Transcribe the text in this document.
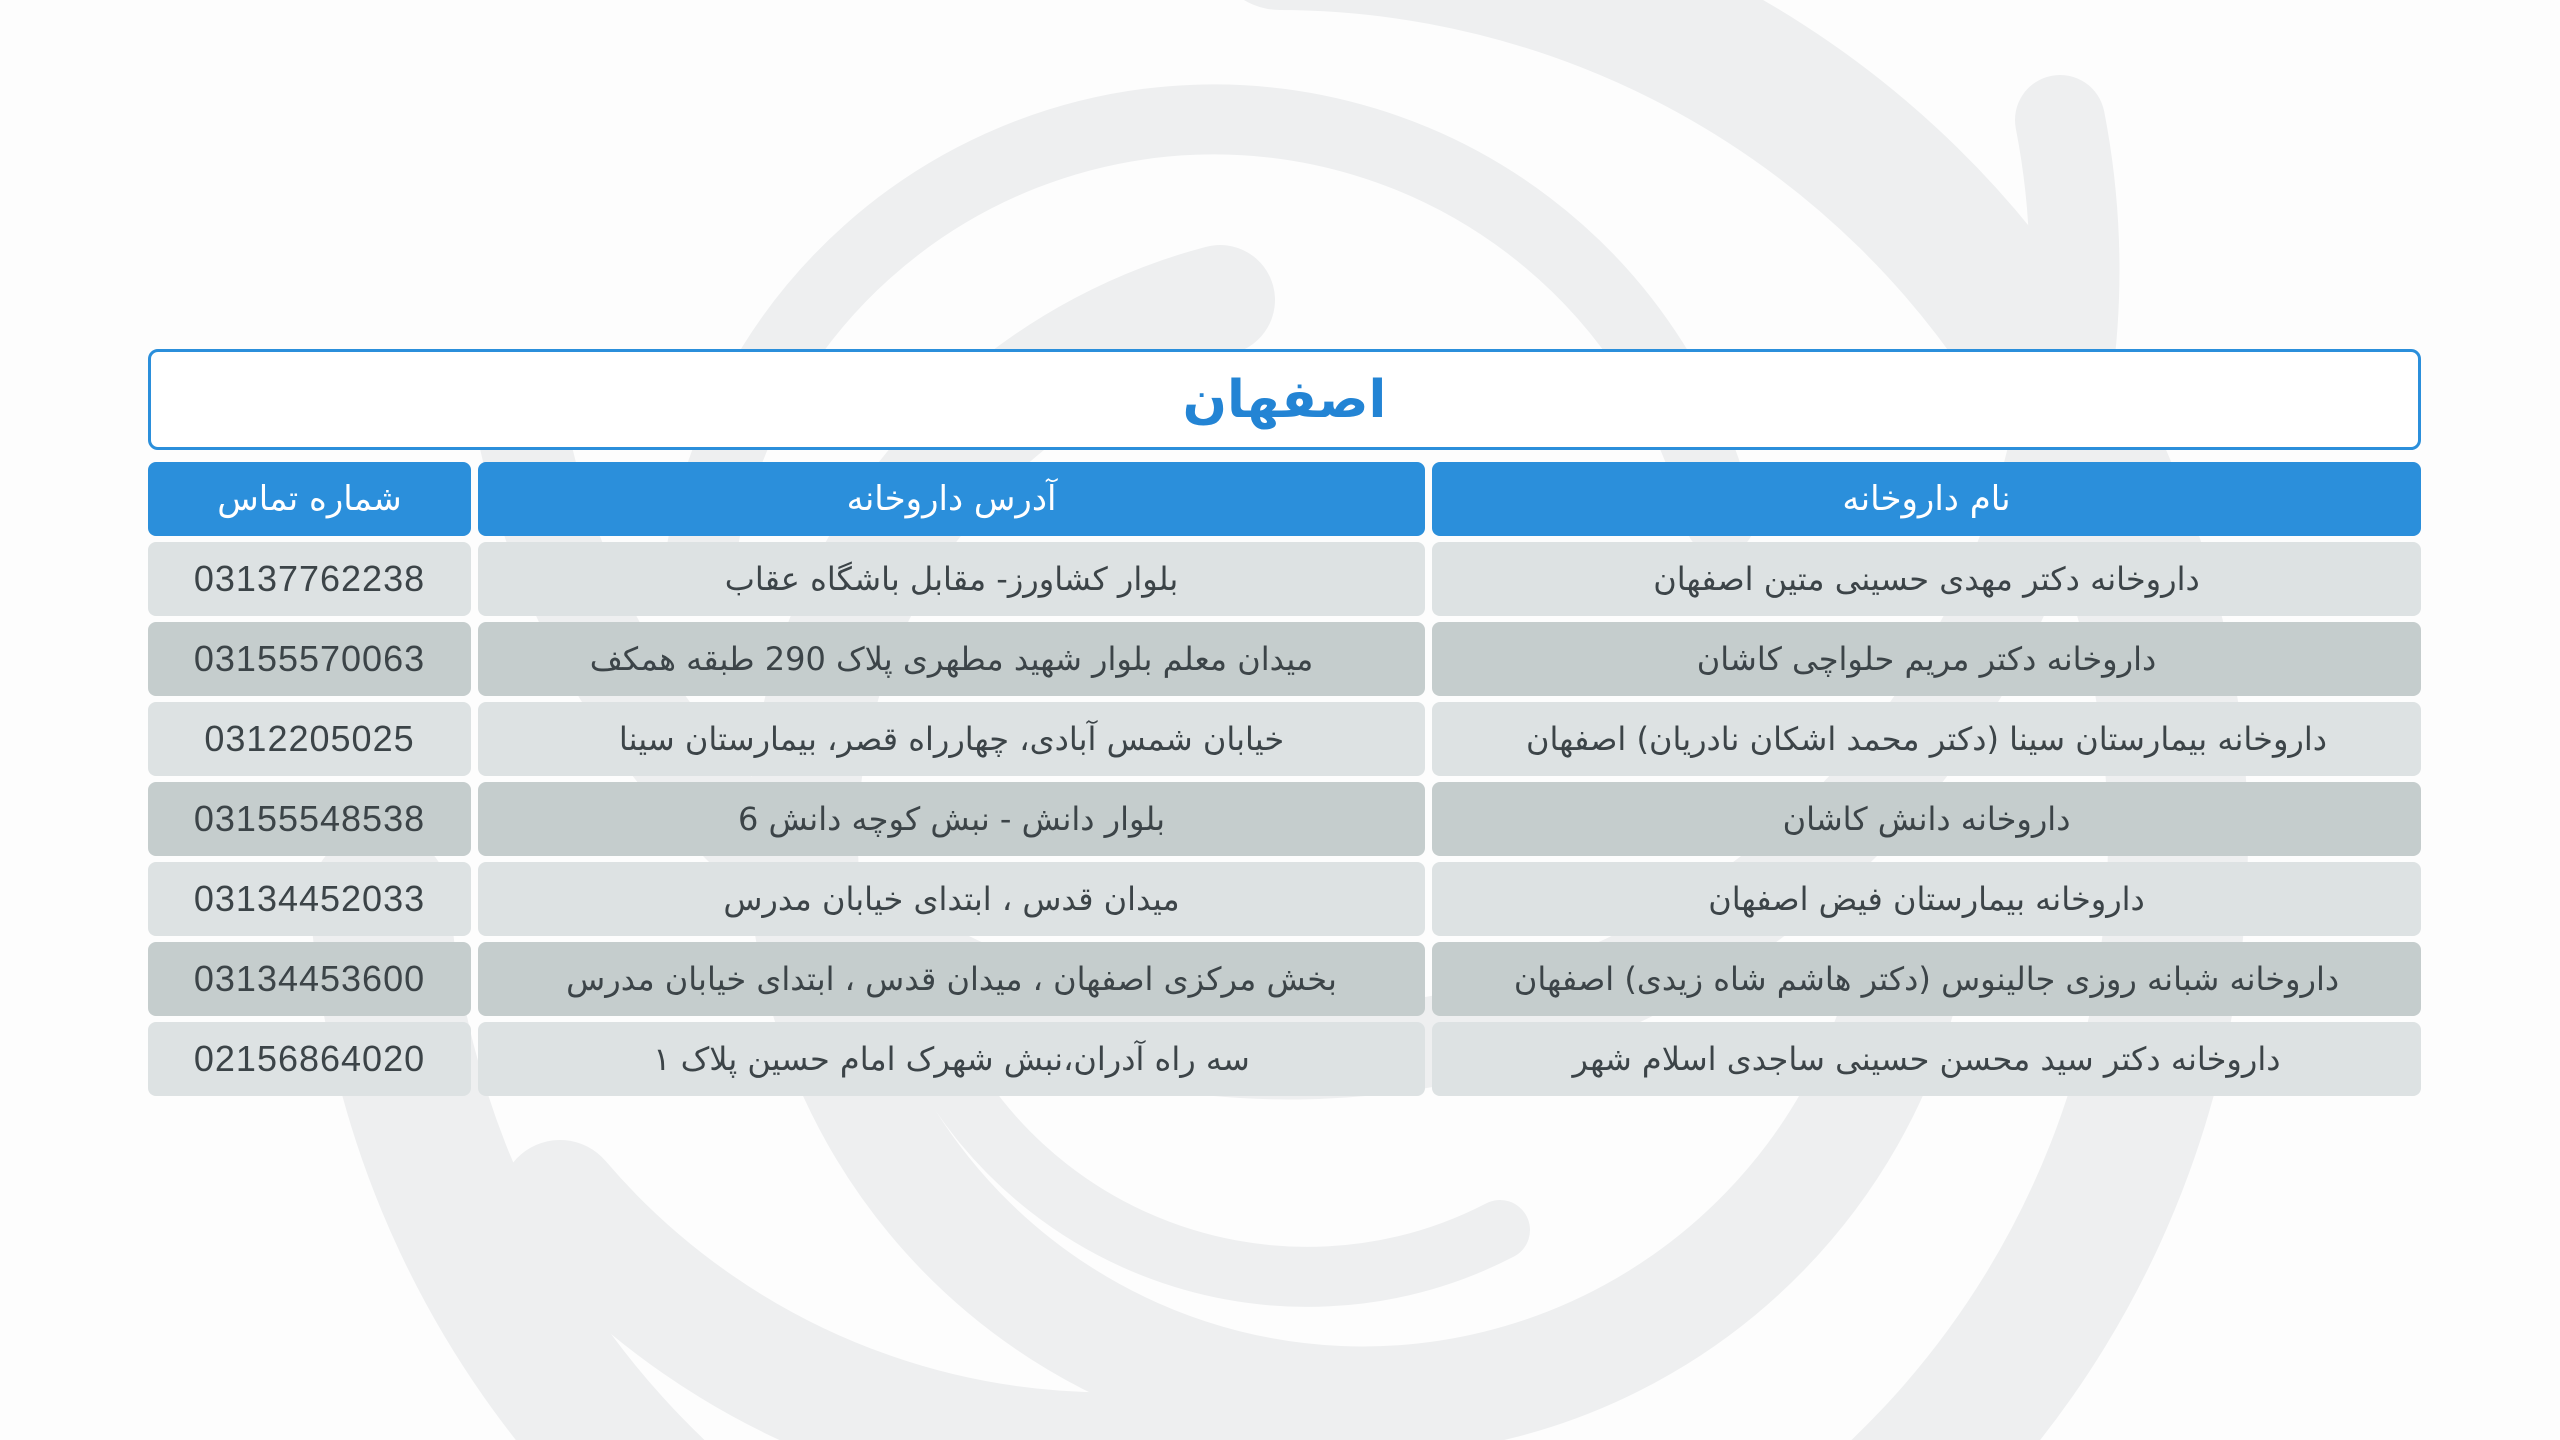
اصفهان
نام داروخانه
آدرس داروخانه
شماره تماس
داروخانه دکتر مهدی حسینی متین اصفهان
بلوار کشاورز- مقابل باشگاه عقاب
03137762238
داروخانه دکتر مریم حلواچی کاشان
میدان معلم بلوار شهید مطهری پلاک 290 طبقه همکف
03155570063
داروخانه بیمارستان سینا (دکتر محمد اشکان نادریان) اصفهان
خیابان شمس آبادی، چهارراه قصر، بیمارستان سینا
0312205025
داروخانه دانش کاشان
بلوار دانش - نبش کوچه دانش 6
03155548538
داروخانه بیمارستان فیض اصفهان
میدان قدس ، ابتدای خیابان مدرس
03134452033
داروخانه شبانه روزی جالینوس (دکتر هاشم شاه زیدی) اصفهان
بخش مرکزی اصفهان ، میدان قدس ، ابتدای خیابان مدرس
03134453600
داروخانه دکتر سید محسن حسینی ساجدی اسلام شهر
سه راه آدران،نبش شهرک امام حسین پلاک ۱
02156864020
